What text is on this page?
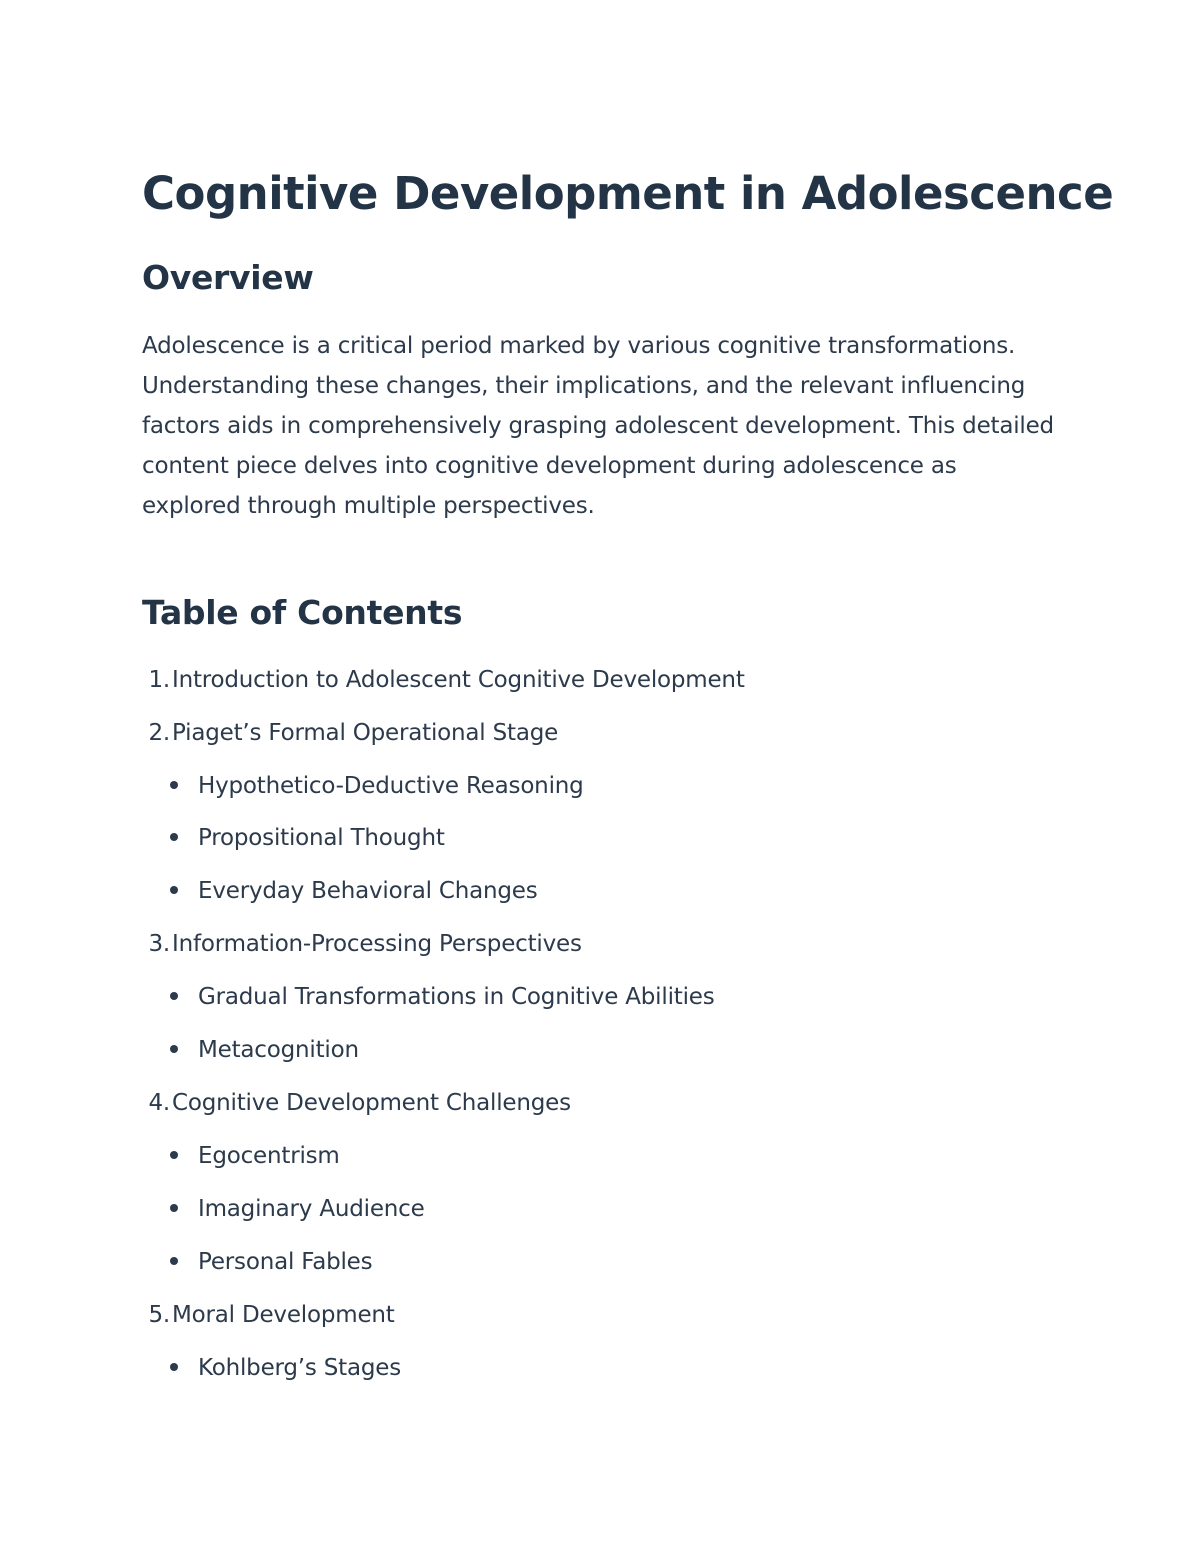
Cognitive Development in Adolescence
Overview

Adolescence is a critical period marked by various cognitive transformations. Understanding these changes, their implications, and the relevant influencing factors aids in comprehensively grasping adolescent development. This detailed content piece delves into cognitive development during adolescence as explored through multiple perspectives.

Table of Contents
1.Introduction to Adolescent Cognitive Development
2.Piaget’s Formal Operational Stage
Hypothetico-Deductive Reasoning
Propositional Thought
Everyday Behavioral Changes
3.Information-Processing Perspectives
Gradual Transformations in Cognitive Abilities
Metacognition
4.Cognitive Development Challenges
Egocentrism
Imaginary Audience
Personal Fables
5.Moral Development
Kohlberg’s Stages
